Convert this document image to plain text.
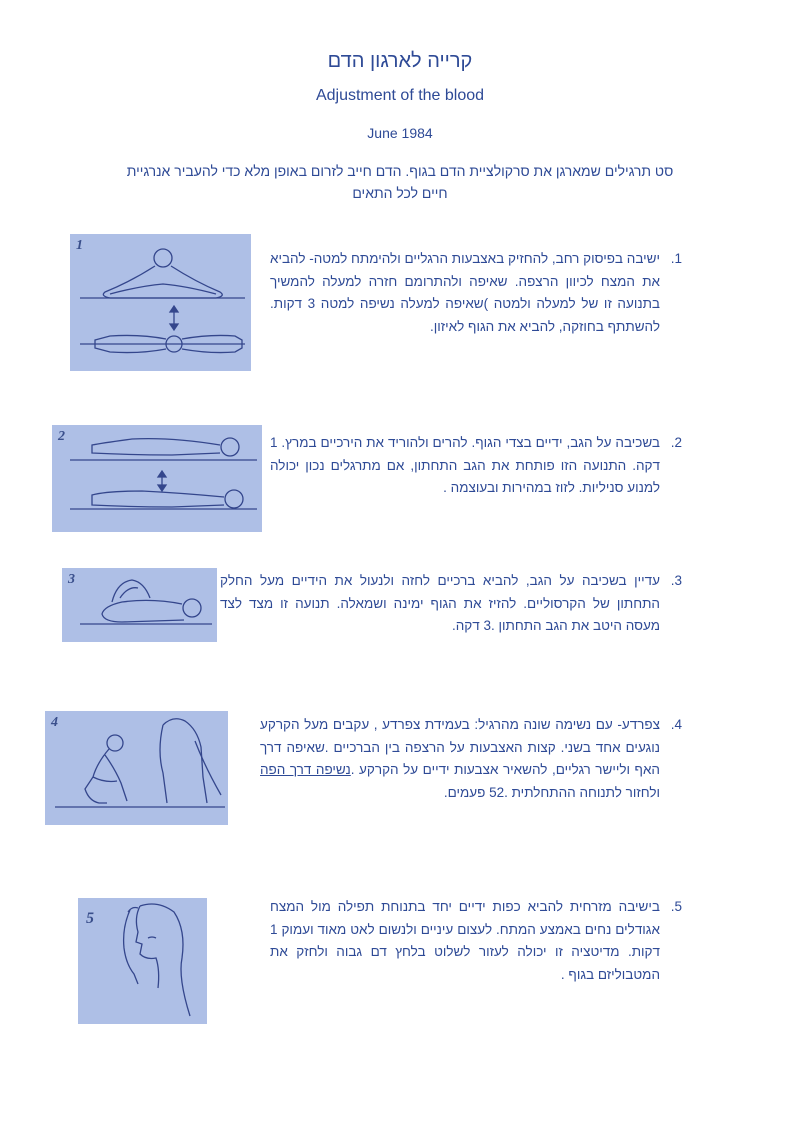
קרייה לארגון הדם
Adjustment of the blood
June 1984
סט תרגילים שמארגן את סרקולציית הדם בגוף. הדם חייב לזרום באופן מלא כדי להעביר אנרגיית חיים לכל התאים
1
1.
ישיבה בפיסוק רחב, להחזיק באצבעות הרגליים ולהימתח למטה- להביא את המצח לכיוון הרצפה. שאיפה ולהתרומם חזרה למעלה להמשיך בתנועה זו של למעלה ולמטה )שאיפה למעלה נשיפה למטה 3 דקות. להשתתף בחוזקה, להביא את הגוף לאיזון.
2	2.
בשכיבה על הגב, ידיים בצדי הגוף. להרים ולהוריד את הירכיים במרץ. 1 דקה. התנועה הזו פותחת את הגב התחתון, אם מתרגלים נכון יכולה למנוע סניליות. לזוז במהירות ובעוצמה .
3	3.
עדיין בשכיבה על הגב, להביא ברכיים לחזה ולנעול את הידיים מעל החלק התחתון של הקרסוליים. להזיז את הגוף ימינה ושמאלה. תנועה זו מצד לצד מעסה היטב את הגב התחתון .3 דקה.
4	4.
צפרדע- עם נשימה שונה מהרגיל: בעמידת צפרדע , עקבים מעל הקרקע נוגעים אחד בשני. קצות האצבעות על הרצפה בין הברכיים .שאיפה דרך האף וליישר רגליים, להשאיר אצבעות ידיים על הקרקע .נשיפה דרך הפה ולחזור לתנוחה ההתחלתית .52 פעמים.
5
5.
בישיבה מזרחית להביא כפות ידיים יחד בתנוחת תפילה מול המצח אגודלים נחים באמצע המתח. לעצום עיניים ולנשום לאט מאוד ועמוק 1 דקות. מדיטציה זו יכולה לעזור לשלוט בלחץ דם גבוה ולחזק את המטבוליזם בגוף .
